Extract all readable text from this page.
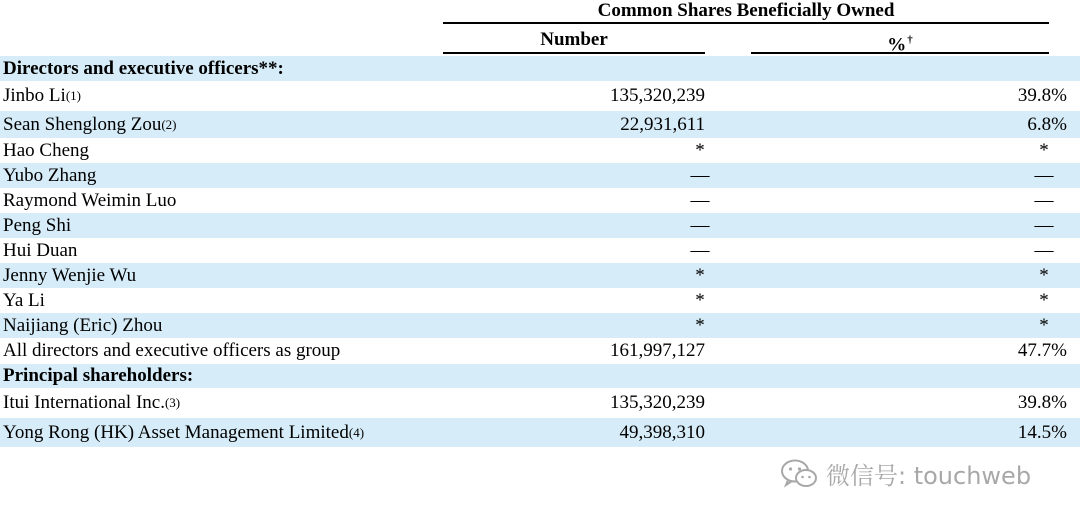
Common Shares Beneficially Owned
Number	%†
Directors and executive officers**:
Jinbo Li (1)	135,320,239	39.8%
Sean Shenglong Zou (2)	22,931,611	6.8%
Hao Cheng	*	*
Yubo Zhang	—	—
Raymond Weimin Luo	—	—
Peng Shi	—	—
Hui Duan	—	—
Jenny Wenjie Wu	*	*
Ya Li	*	*
Naijiang (Eric) Zhou	*	*
All directors and executive officers as group	161,997,127	47.7%
Principal shareholders:
Itui International Inc. (3)	135,320,239	39.8%
Yong Rong (HK) Asset Management Limited (4)	49,398,310	14.5%
微信号: touchweb
